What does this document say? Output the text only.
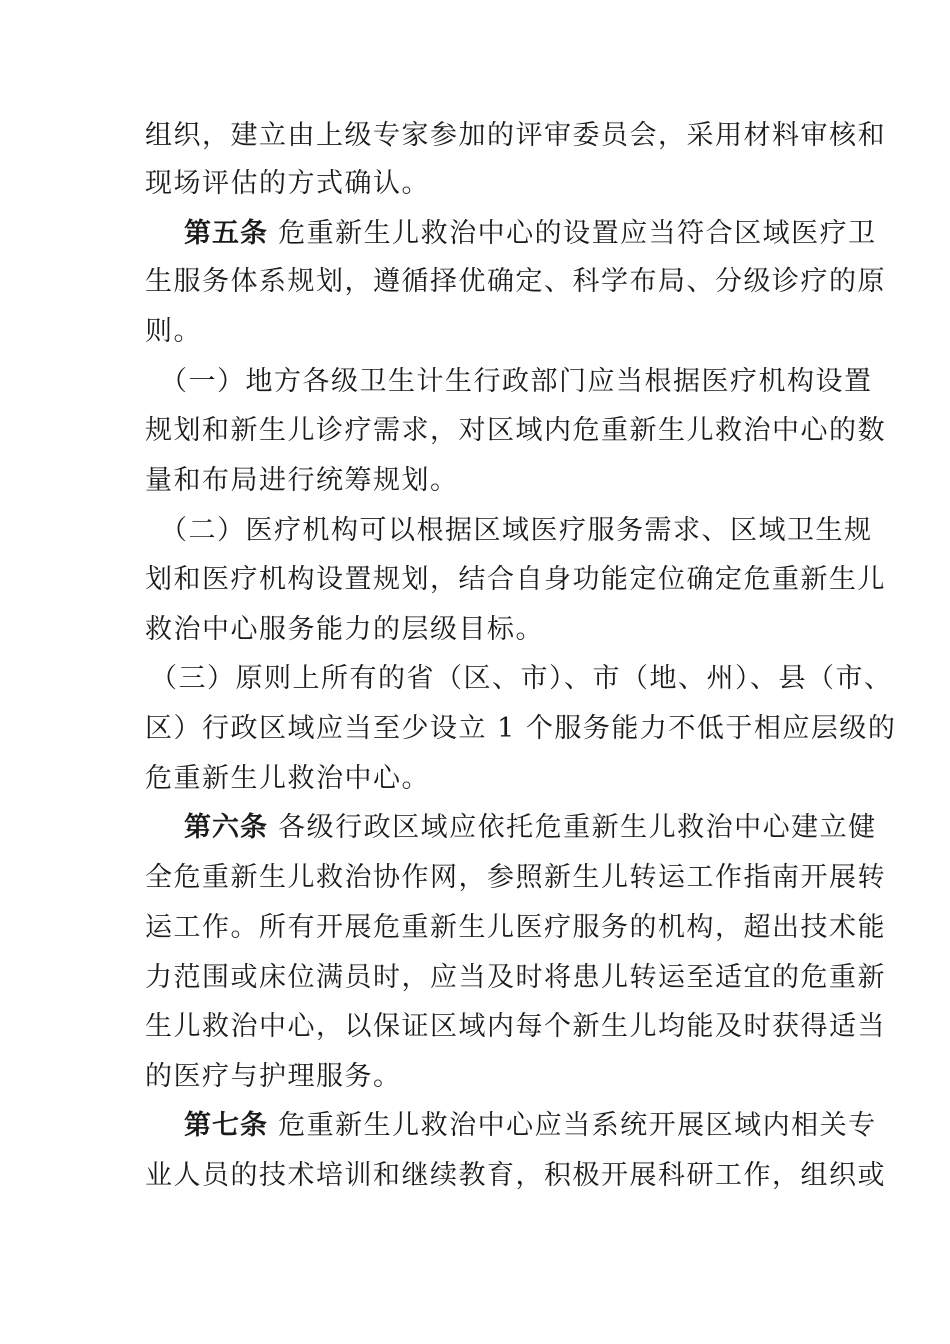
组织，建立由上级专家参加的评审委员会，采用材料审核和
现场评估的方式确认。
第五条 危重新生儿救治中心的设置应当符合区域医疗卫
生服务体系规划，遵循择优确定、科学布局、分级诊疗的原
则。
（一）地方各级卫生计生行政部门应当根据医疗机构设置
规划和新生儿诊疗需求，对区域内危重新生儿救治中心的数
量和布局进行统筹规划。
（二）医疗机构可以根据区域医疗服务需求、区域卫生规
划和医疗机构设置规划，结合自身功能定位确定危重新生儿
救治中心服务能力的层级目标。
（三）原则上所有的省（区、市）、市（地、州）、县（市、
区）行政区域应当至少设立 1 个服务能力不低于相应层级的
危重新生儿救治中心。
第六条 各级行政区域应依托危重新生儿救治中心建立健
全危重新生儿救治协作网，参照新生儿转运工作指南开展转
运工作。所有开展危重新生儿医疗服务的机构，超出技术能
力范围或床位满员时，应当及时将患儿转运至适宜的危重新
生儿救治中心，以保证区域内每个新生儿均能及时获得适当
的医疗与护理服务。
第七条 危重新生儿救治中心应当系统开展区域内相关专
业人员的技术培训和继续教育，积极开展科研工作，组织或
